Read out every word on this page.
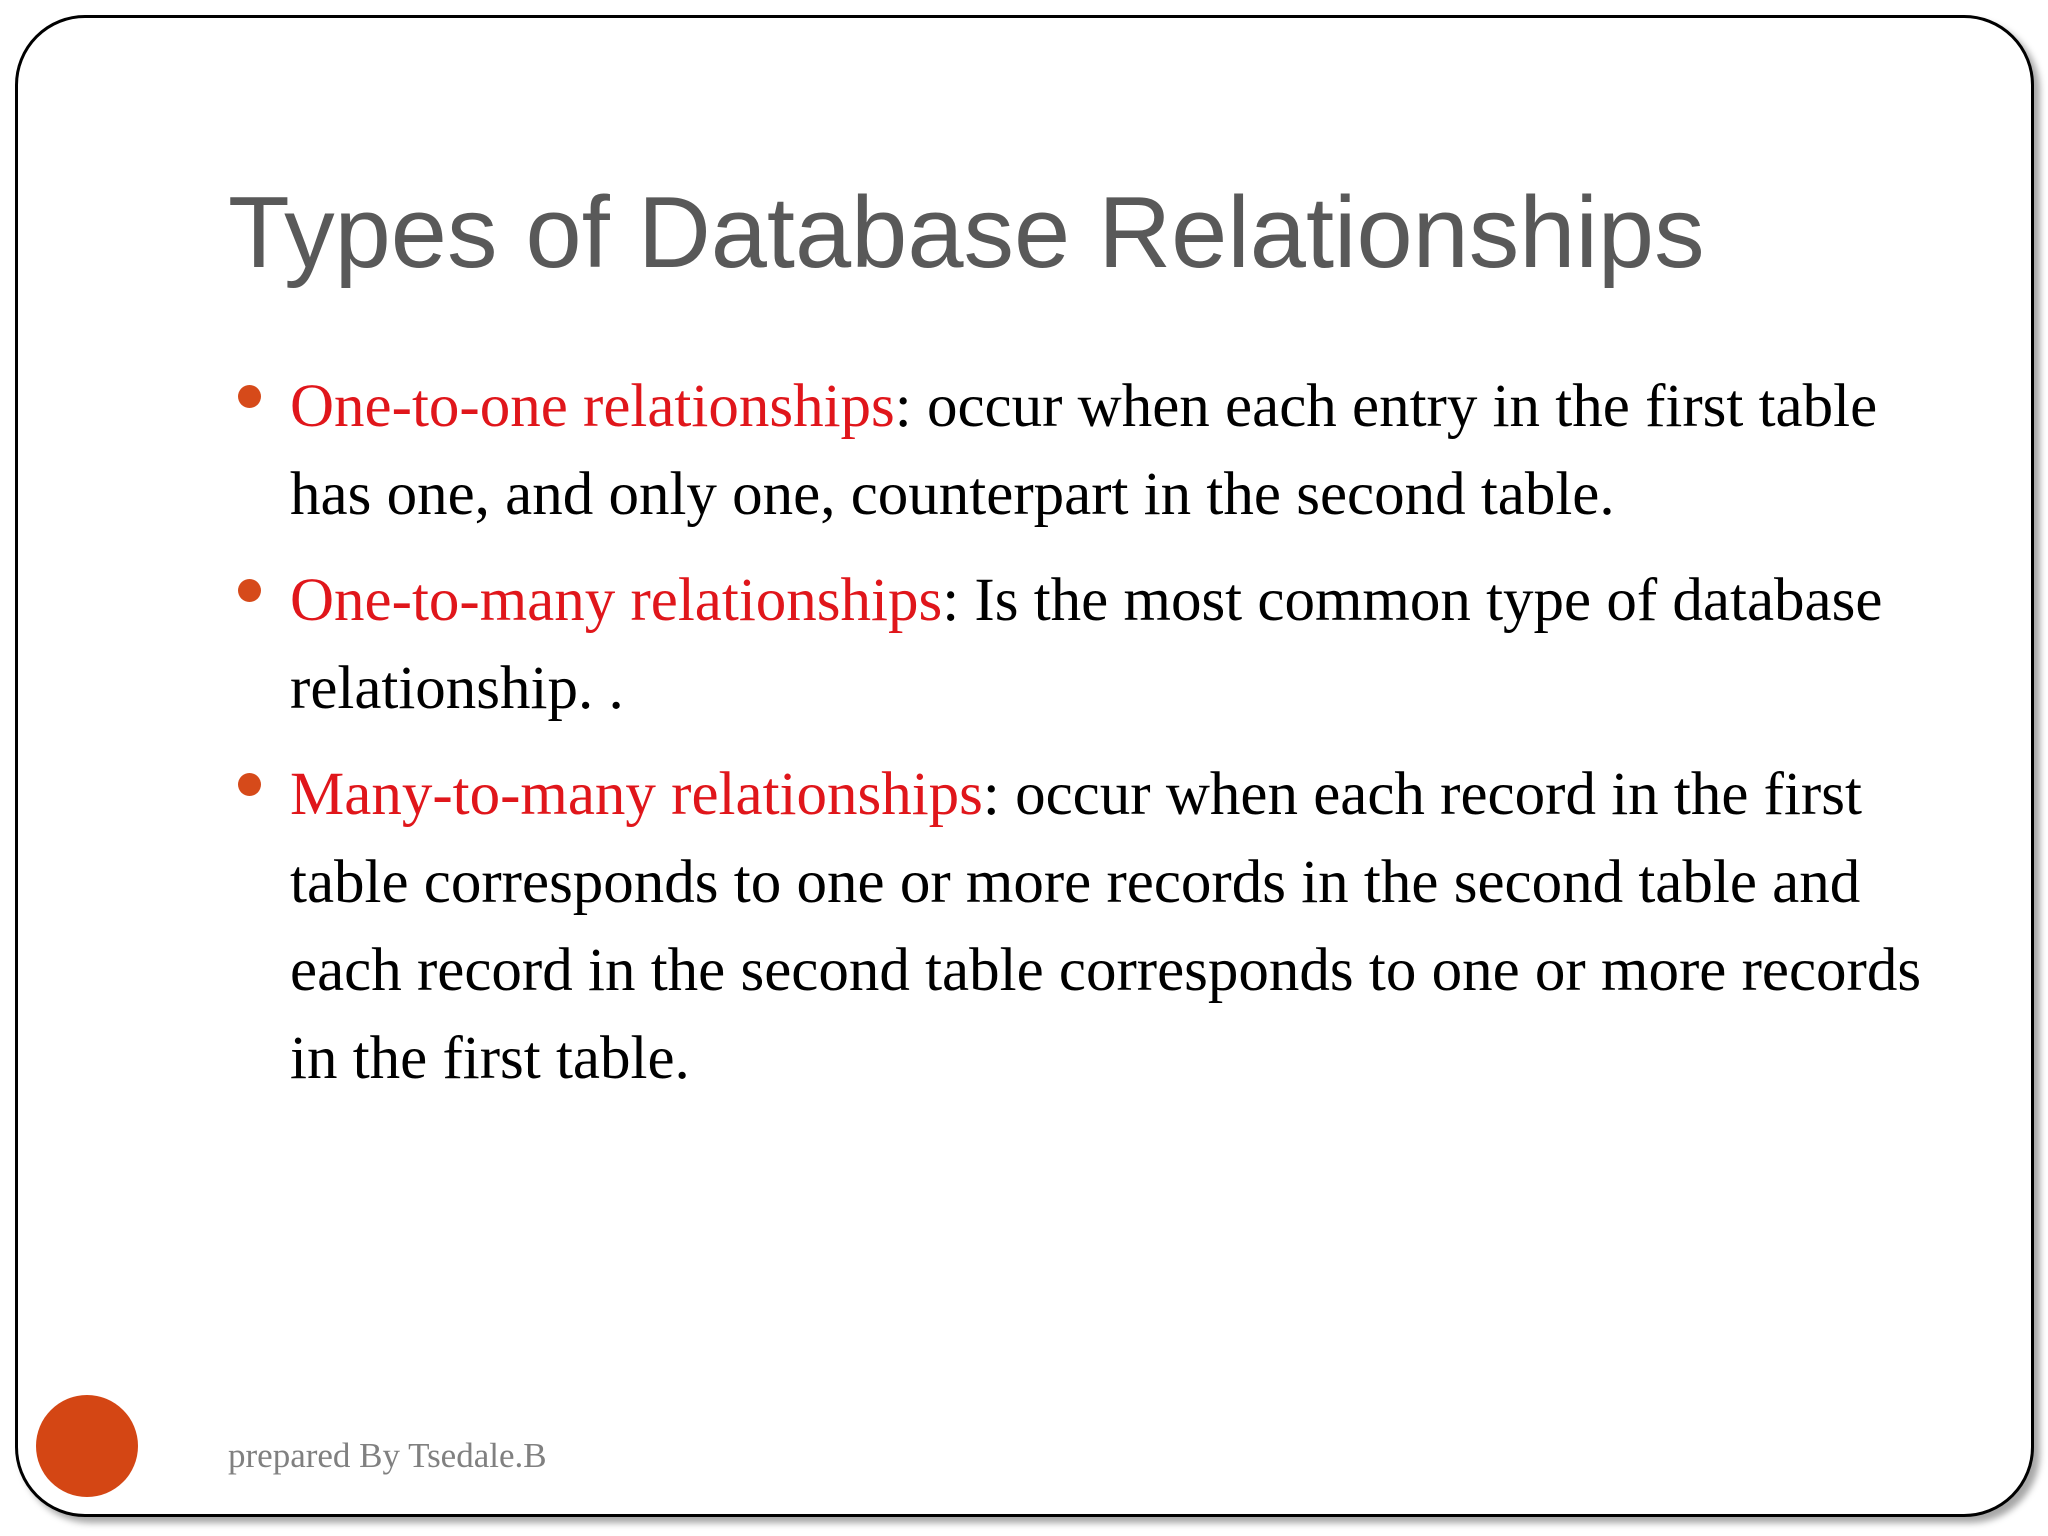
Types of Database Relationships
One-to-one relationships: occur when each entry in the first table has one, and only one, counterpart in the second table.
One-to-many relationships: Is the most common type of database relationship. .
Many-to-many relationships: occur when each record in the first table corresponds to one or more records in the second table and each record in the second table corresponds to one or more records in the first table.
prepared By Tsedale.B
